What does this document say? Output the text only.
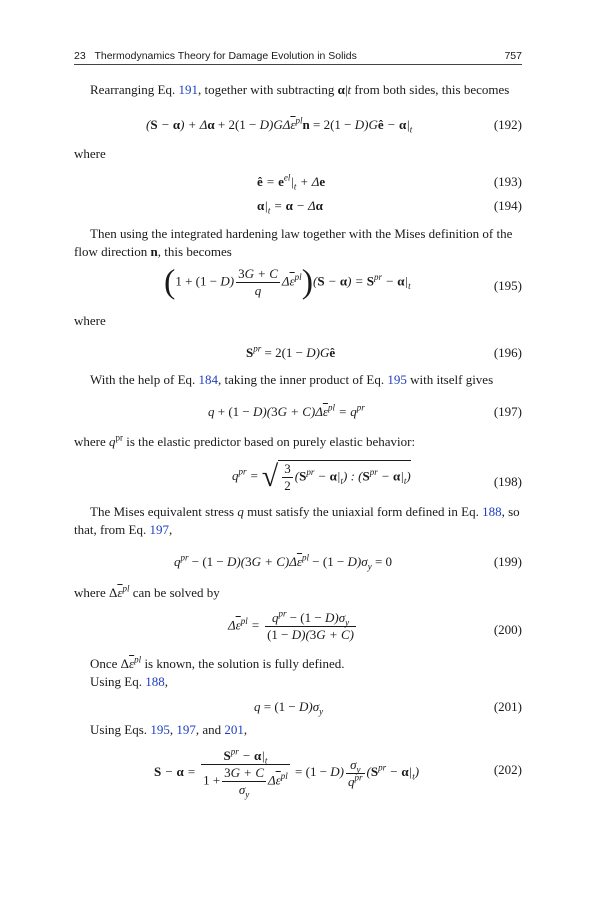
23 Thermodynamics Theory for Damage Evolution in Solids	757
Rearranging Eq. 191, together with subtracting α|t from both sides, this becomes
$(S - \alpha) + \Delta\alpha + 2(1 - D)G\Delta\overline{\varepsilon}^{pl}n = 2(1$ − D)Gê − $\alpha|_t$	(192)
where
ê = $e^{el}|_t + \Delta e$	(193)
$\alpha|_t = \alpha - \Delta\alpha$	(194)
Then using the integrated hardening law together with the Mises definition of the flow direction n, this becomes
$(1 + (1 - D) \frac{3G + C}{q} \Delta\overline{\varepsilon}^{pl})(S - \alpha) = S^{pr} - \alpha|_t$	(195)
where
$S^{pr} = 2(1$ − D)Gê	(196)
With the help of Eq. 184, taking the inner product of Eq. 195 with itself gives
$q + (1 - D)(3G + C)\Delta\overline{\varepsilon}^{pl} = q^{pr}$	(197)
where $q^{pr}$ is the elastic predictor based on purely elastic behavior:
$q^{pr}$ = √ $\frac{3}{2} (S^{pr} - \alpha|_t)$ : $(S^{pr} - \alpha|_t)$	(198)
The Mises equivalent stress q must satisfy the uniaxial form defined in Eq. 188, so that, from Eq. 197,
$q^{pr} - (1 - D)(3G + C)\Delta\overline{\varepsilon}^{pl} - (1 - D)\sigma_y = 0$	(199)
where $\Delta\overline{\varepsilon}^{pl}$ can be solved by
$\Delta\overline{\varepsilon}^{pl} = \frac{q^{pr} - (1 - D)\sigma_y}{(1 - D)(3G + C)}$	(200)
Once $\Delta\overline{\varepsilon}^{pl}$ is known, the solution is fully defined.
Using Eq. 188,
$q = (1 - D)\sigma_y$	(201)
Using Eqs. 195, 197, and 201,
$S - \alpha = \frac{S^{pr} - \alpha|_t}{1 + \frac{3G + C}{\sigma_y} \Delta\overline{\varepsilon}^{pl}} = (1 - D) \frac{\sigma_y}{q^{pr}} (S^{pr} - \alpha|_t)$	(202)
